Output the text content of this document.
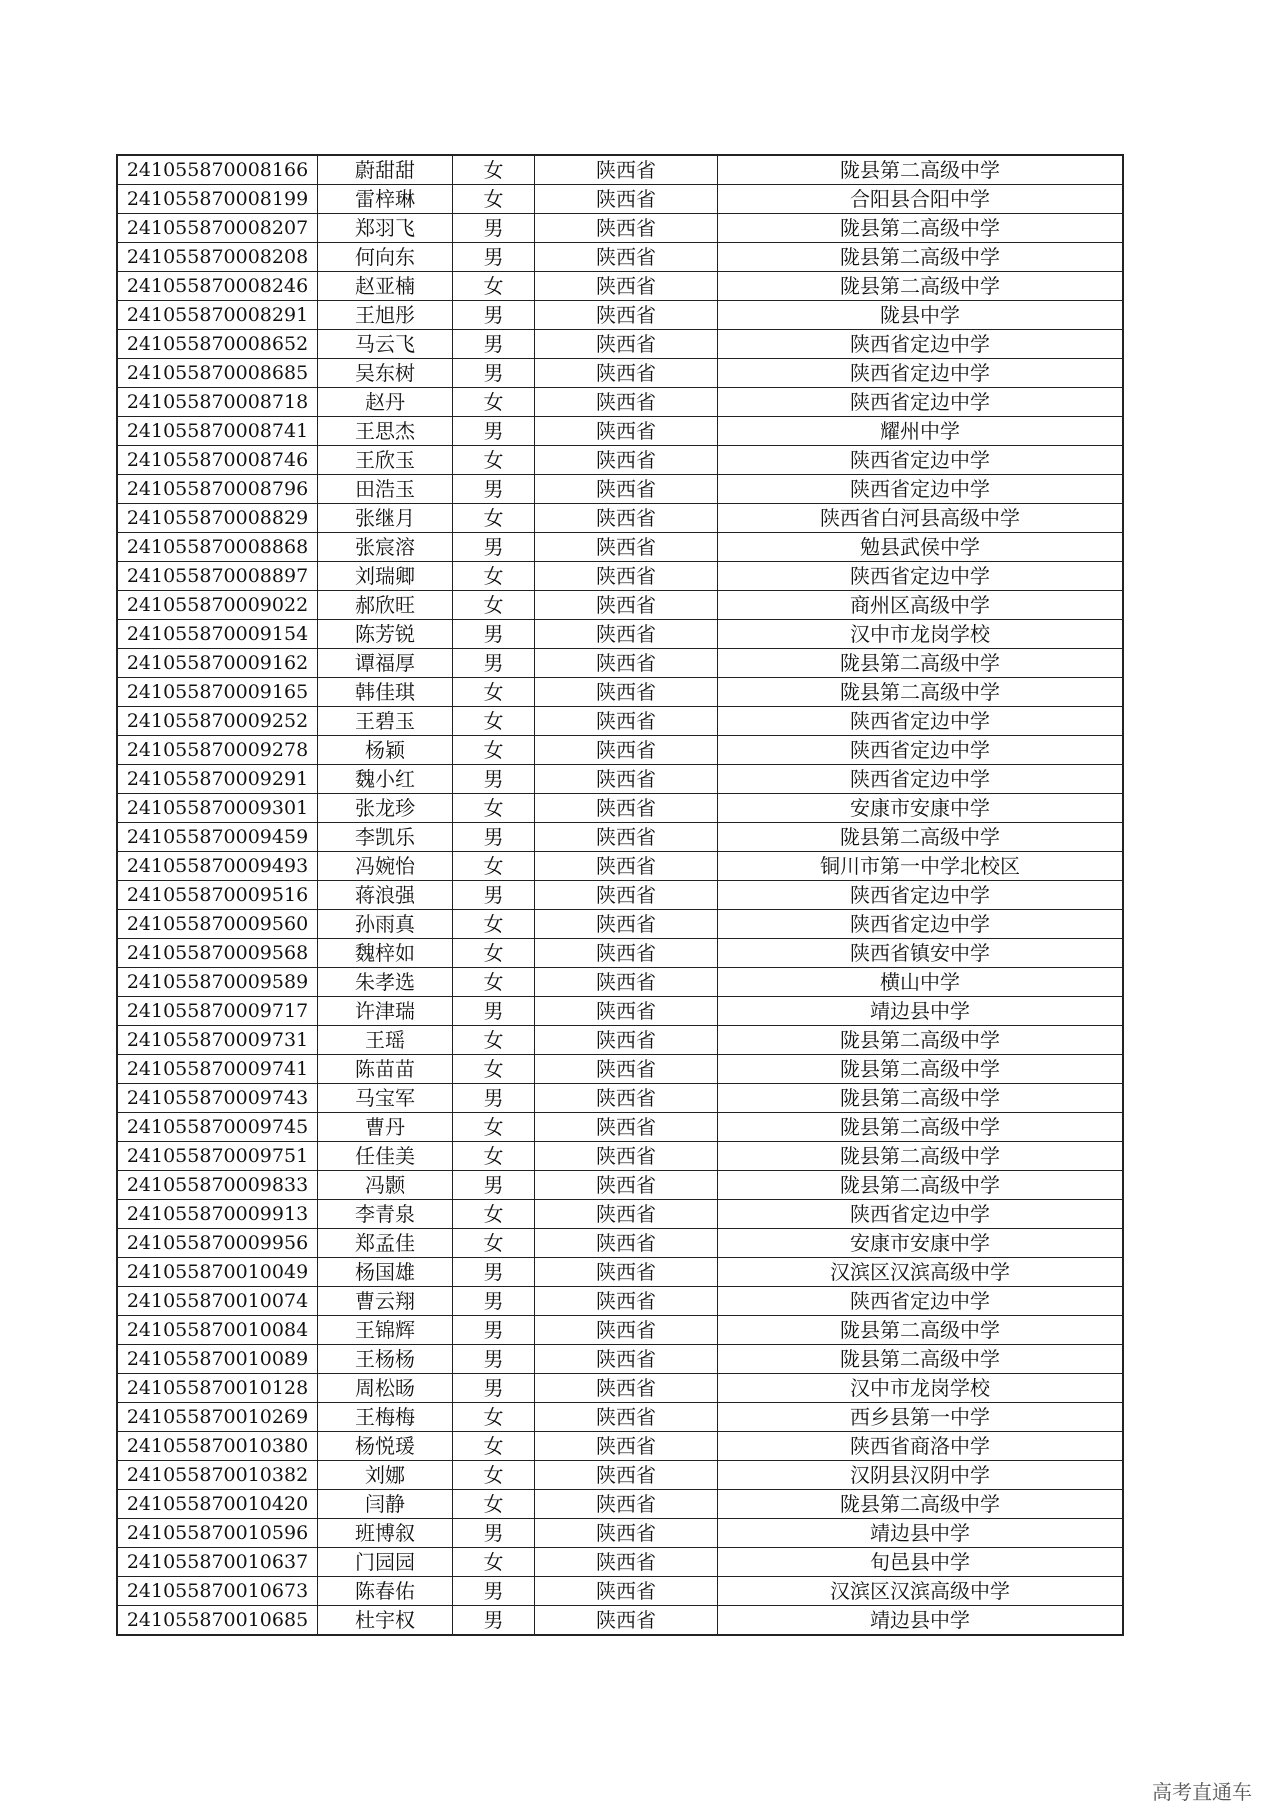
241055870008166	蔚甜甜	女	陕西省	陇县第二高级中学
241055870008199	雷梓琳	女	陕西省	合阳县合阳中学
241055870008207	郑羽飞	男	陕西省	陇县第二高级中学
241055870008208	何向东	男	陕西省	陇县第二高级中学
241055870008246	赵亚楠	女	陕西省	陇县第二高级中学
241055870008291	王旭彤	男	陕西省	陇县中学
241055870008652	马云飞	男	陕西省	陕西省定边中学
241055870008685	吴东树	男	陕西省	陕西省定边中学
241055870008718	赵丹	女	陕西省	陕西省定边中学
241055870008741	王思杰	男	陕西省	耀州中学
241055870008746	王欣玉	女	陕西省	陕西省定边中学
241055870008796	田浩玉	男	陕西省	陕西省定边中学
241055870008829	张继月	女	陕西省	陕西省白河县高级中学
241055870008868	张宸溶	男	陕西省	勉县武侯中学
241055870008897	刘瑞卿	女	陕西省	陕西省定边中学
241055870009022	郝欣旺	女	陕西省	商州区高级中学
241055870009154	陈芳锐	男	陕西省	汉中市龙岗学校
241055870009162	谭福厚	男	陕西省	陇县第二高级中学
241055870009165	韩佳琪	女	陕西省	陇县第二高级中学
241055870009252	王碧玉	女	陕西省	陕西省定边中学
241055870009278	杨颖	女	陕西省	陕西省定边中学
241055870009291	魏小红	男	陕西省	陕西省定边中学
241055870009301	张龙珍	女	陕西省	安康市安康中学
241055870009459	李凯乐	男	陕西省	陇县第二高级中学
241055870009493	冯婉怡	女	陕西省	铜川市第一中学北校区
241055870009516	蒋浪强	男	陕西省	陕西省定边中学
241055870009560	孙雨真	女	陕西省	陕西省定边中学
241055870009568	魏梓如	女	陕西省	陕西省镇安中学
241055870009589	朱孝选	女	陕西省	横山中学
241055870009717	许津瑞	男	陕西省	靖边县中学
241055870009731	王瑶	女	陕西省	陇县第二高级中学
241055870009741	陈苗苗	女	陕西省	陇县第二高级中学
241055870009743	马宝军	男	陕西省	陇县第二高级中学
241055870009745	曹丹	女	陕西省	陇县第二高级中学
241055870009751	任佳美	女	陕西省	陇县第二高级中学
241055870009833	冯颢	男	陕西省	陇县第二高级中学
241055870009913	李青泉	女	陕西省	陕西省定边中学
241055870009956	郑孟佳	女	陕西省	安康市安康中学
241055870010049	杨国雄	男	陕西省	汉滨区汉滨高级中学
241055870010074	曹云翔	男	陕西省	陕西省定边中学
241055870010084	王锦辉	男	陕西省	陇县第二高级中学
241055870010089	王杨杨	男	陕西省	陇县第二高级中学
241055870010128	周松旸	男	陕西省	汉中市龙岗学校
241055870010269	王梅梅	女	陕西省	西乡县第一中学
241055870010380	杨悦瑗	女	陕西省	陕西省商洛中学
241055870010382	刘娜	女	陕西省	汉阴县汉阴中学
241055870010420	闫静	女	陕西省	陇县第二高级中学
241055870010596	班博叙	男	陕西省	靖边县中学
241055870010637	门园园	女	陕西省	旬邑县中学
241055870010673	陈春佑	男	陕西省	汉滨区汉滨高级中学
241055870010685	杜宇权	男	陕西省	靖边县中学
高考直通车
